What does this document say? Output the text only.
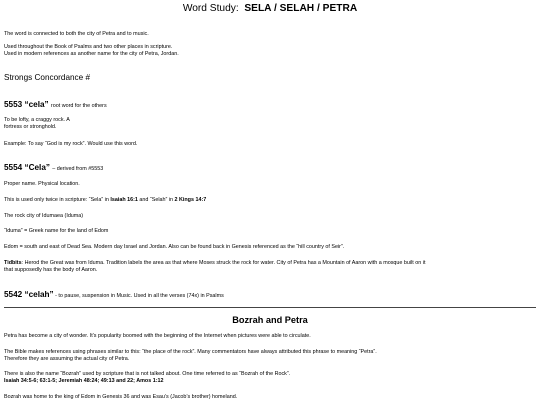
Word Study: SELA / SELAH / PETRA
The word is connected to both the city of Petra and to music.
Used throughout the Book of Psalms and two other places in scripture.
Used in modern references as another name for the city of Petra, Jordan.
Strongs Concordance #
5553 “cela” root word for the others
To be lofty, a craggy rock. A
fortress or stronghold.
Example: To say “God is my rock”. Would use this word.
5554 “Cela” – derived from #5553
Proper name. Physical location.
This is used only twice in scripture: “Sela” in Isaiah 16:1 and “Selah” in 2 Kings 14:7
The rock city of Idumaea (Iduma)
“Iduma” = Greek name for the land of Edom
Edom = south and east of Dead Sea. Modern day Israel and Jordan. Also can be found back in Genesis referenced as the “hill country of Seir”.
Tidbits: Herod the Great was from Iduma. Tradition labels the area as that where Moses struck the rock for water. City of Petra has a Mountain of Aaron with a mosque built on it
that supposedly has the body of Aaron.
5542 “celah” - to pause, suspension in Music. Used in all the verses (74x) in Psalms
Bozrah and Petra
Petra has become a city of wonder. It’s popularity boomed with the beginning of the Internet when pictures were able to circulate.
The Bible makes references using phrases similar to this: “the place of the rock”. Many commentators have always attributed this phrase to meaning “Petra”.
Therefore they are assuming the actual city of Petra.
There is also the name “Bozrah” used by scripture that is not talked about. One time referred to as “Bozrah of the Rock”.
Isaiah 34:5-6; 63:1-5; Jeremiah 48:24; 49:13 and 22; Amos 1:12
Bozrah was home to the king of Edom in Genesis 36 and was Esau’s (Jacob’s brother) homeland.
